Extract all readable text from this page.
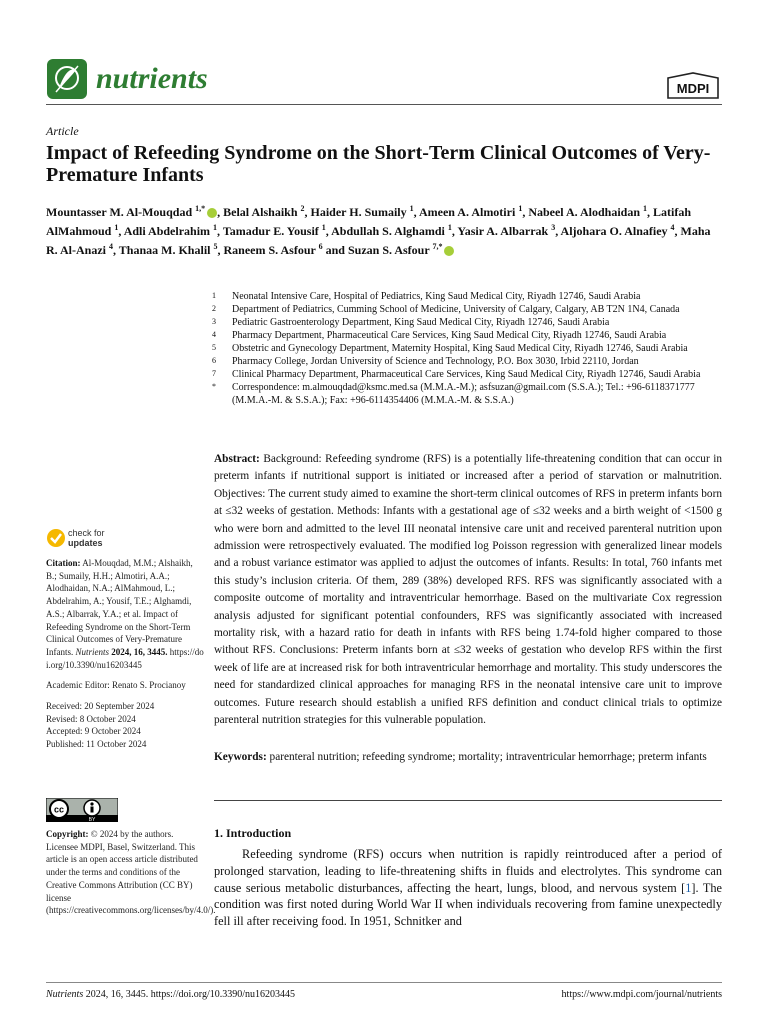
nutrients	MDPI
Article
Impact of Refeeding Syndrome on the Short-Term Clinical Outcomes of Very-Premature Infants
Mountasser M. Al-Mouqdad $^{1,*}$ , Belal Alshaikh $^2$, Haider H. Sumaily $^1$, Ameen A. Almotiri $^1$, Nabeel A. Alodhaidan $^1$, Latifah AlMahmoud $^1$, Adli Abdelrahim $^1$, Tamadur E. Yousif $^1$, Abdullah S. Alghamdi $^1$, Yasir A. Albarrak $^3$, Aljohara O. Alnafiey $^4$, Maha R. Al-Anazi $^4$, Thanaa M. Khalil $^5$, Raneem S. Asfour $^6$ and Suzan S. Asfour $^{7,*}$
1	Neonatal Intensive Care, Hospital of Pediatrics, King Saud Medical City, Riyadh 12746, Saudi Arabia
2	Department of Pediatrics, Cumming School of Medicine, University of Calgary, Calgary, AB T2N 1N4, Canada
3	Pediatric Gastroenterology Department, King Saud Medical City, Riyadh 12746, Saudi Arabia
4	Pharmacy Department, Pharmaceutical Care Services, King Saud Medical City, Riyadh 12746, Saudi Arabia
5	Obstetric and Gynecology Department, Maternity Hospital, King Saud Medical City, Riyadh 12746, Saudi Arabia
6	Pharmacy College, Jordan University of Science and Technology, P.O. Box 3030, Irbid 22110, Jordan
7	Clinical Pharmacy Department, Pharmaceutical Care Services, King Saud Medical City, Riyadh 12746, Saudi Arabia
*	Correspondence: m.almouqdad@ksmc.med.sa (M.M.A.-M.); asfsuzan@gmail.com (S.S.A.); Tel.: +96-6118371777 (M.M.A.-M. & S.S.A.); Fax: +96-6114354406 (M.M.A.-M. & S.S.A.)
check for
updates
Citation: Al-Mouqdad, M.M.; Alshaikh, B.; Sumaily, H.H.; Almotiri, A.A.; Alodhaidan, N.A.; AlMahmoud, L.; Abdelrahim, A.; Yousif, T.E.; Alghamdi, A.S.; Albarrak, Y.A.; et al. Impact of Refeeding Syndrome on the Short-Term Clinical Outcomes of Very-Premature Infants. Nutrients 2024, 16, 3445. https://doi.org/10.3390/nu16203445
Academic Editor: Renato S. Procianoy
Received: 20 September 2024
Revised: 8 October 2024
Accepted: 9 October 2024
Published: 11 October 2024
cc
BY
Copyright: © 2024 by the authors. Licensee MDPI, Basel, Switzerland. This article is an open access article distributed under the terms and conditions of the Creative Commons Attribution (CC BY) license (https://creativecommons.org/licenses/by/4.0/).
Abstract: Background: Refeeding syndrome (RFS) is a potentially life-threatening condition that can occur in preterm infants if nutritional support is initiated or increased after a period of starvation or malnutrition. Objectives: The current study aimed to examine the short-term clinical outcomes of RFS in preterm infants born at ≤32 weeks of gestation. Methods: Infants with a gestational age of ≤32 weeks and a birth weight of <1500 g who were born and admitted to the level III neonatal intensive care unit and received parenteral nutrition upon admission were retrospectively evaluated. The modified log Poisson regression with generalized linear models and a robust variance estimator was applied to adjust the outcomes of infants. Results: In total, 760 infants met this study’s inclusion criteria. Of them, 289 (38%) developed RFS. RFS was significantly associated with a composite outcome of mortality and intraventricular hemorrhage. Based on the multivariate Cox regression analysis adjusted for significant potential confounders, RFS was significantly associated with increased mortality risk, with a hazard ratio for death in infants with RFS being 1.74-fold higher compared to those without RFS. Conclusions: Preterm infants born at ≤32 weeks of gestation who develop RFS within the first week of life are at increased risk for both intraventricular hemorrhage and mortality. This study underscores the need for standardized clinical approaches for managing RFS in the neonatal intensive care unit to improve outcomes. Future research should establish a unified RFS definition and conduct clinical trials to optimize parenteral nutrition strategies for this vulnerable population.
Keywords: parenteral nutrition; refeeding syndrome; mortality; intraventricular hemorrhage; preterm infants
1. Introduction
Refeeding syndrome (RFS) occurs when nutrition is rapidly reintroduced after a period of prolonged starvation, leading to life-threatening shifts in fluids and electrolytes. This syndrome can cause serious metabolic disturbances, affecting the heart, lungs, blood, and nervous system [1]. The condition was first noted during World War II when individuals recovering from famine unexpectedly fell ill after receiving food. In 1951, Schnitker and
Nutrients 2024, 16, 3445. https://doi.org/10.3390/nu16203445	https://www.mdpi.com/journal/nutrients
